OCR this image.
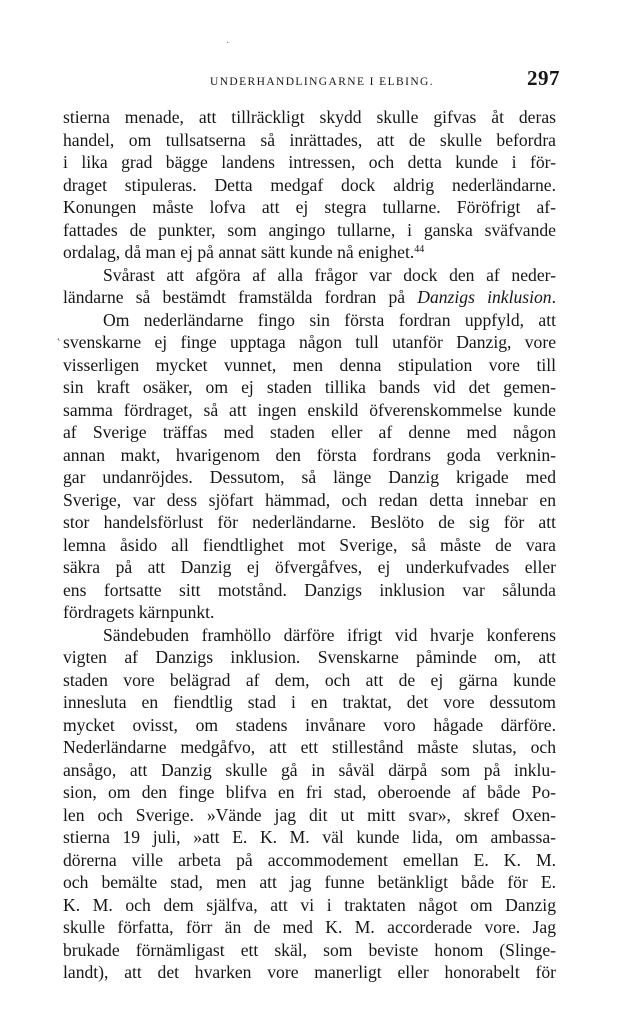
·
UNDERHANDLINGARNE I ELBING.	297
˛
stierna menade, att tillräckligt skydd skulle gifvas åt deras
handel, om tullsatserna så inrättades, att de skulle befordra
i lika grad bägge landens intressen, och detta kunde i för-
draget stipuleras. Detta medgaf dock aldrig nederländarne.
Konungen måste lofva att ej stegra tullarne. Föröfrigt af-
fattades de punkter, som angingo tullarne, i ganska sväfvande
ordalag, då man ej på annat sätt kunde nå enighet.$^{44}$
Svårast att afgöra af alla frågor var dock den af neder-
ländarne så bestämdt framstälda fordran på Danzigs inklusion.
Om nederländarne fingo sin första fordran uppfyld, att
svenskarne ej finge upptaga någon tull utanför Danzig, vore
visserligen mycket vunnet, men denna stipulation vore till
sin kraft osäker, om ej staden tillika bands vid det gemen-
samma fördraget, så att ingen enskild öfverenskommelse kunde
af Sverige träffas med staden eller af denne med någon
annan makt, hvarigenom den första fordrans goda verknin-
gar undanröjdes. Dessutom, så länge Danzig krigade med
Sverige, var dess sjöfart hämmad, och redan detta innebar en
stor handelsförlust för nederländarne. Beslöto de sig för att
lemna åsido all fiendtlighet mot Sverige, så måste de vara
säkra på att Danzig ej öfvergåfves, ej underkufvades eller
ens fortsatte sitt motstånd. Danzigs inklusion var sålunda
fördragets kärnpunkt.
Sändebuden framhöllo därföre ifrigt vid hvarje konferens
vigten af Danzigs inklusion. Svenskarne påminde om, att
staden vore belägrad af dem, och att de ej gärna kunde
innesluta en fiendtlig stad i en traktat, det vore dessutom
mycket ovisst, om stadens invånare voro hågade därföre.
Nederländarne medgåfvo, att ett stillestånd måste slutas, och
ansågo, att Danzig skulle gå in såväl därpå som på inklu-
sion, om den finge blifva en fri stad, oberoende af både Po-
len och Sverige. »Vände jag dit ut mitt svar», skref Oxen-
stierna 19 juli, »att E. K. M. väl kunde lida, om ambassa-
dörerna ville arbeta på accommodement emellan E. K. M.
och bemälte stad, men att jag funne betänkligt både för E.
K. M. och dem själfva, att vi i traktaten något om Danzig
skulle författa, förr än de med K. M. accorderade vore. Jag
brukade förnämligast ett skäl, som beviste honom (Slinge-
landt), att det hvarken vore manerligt eller honorabelt för
